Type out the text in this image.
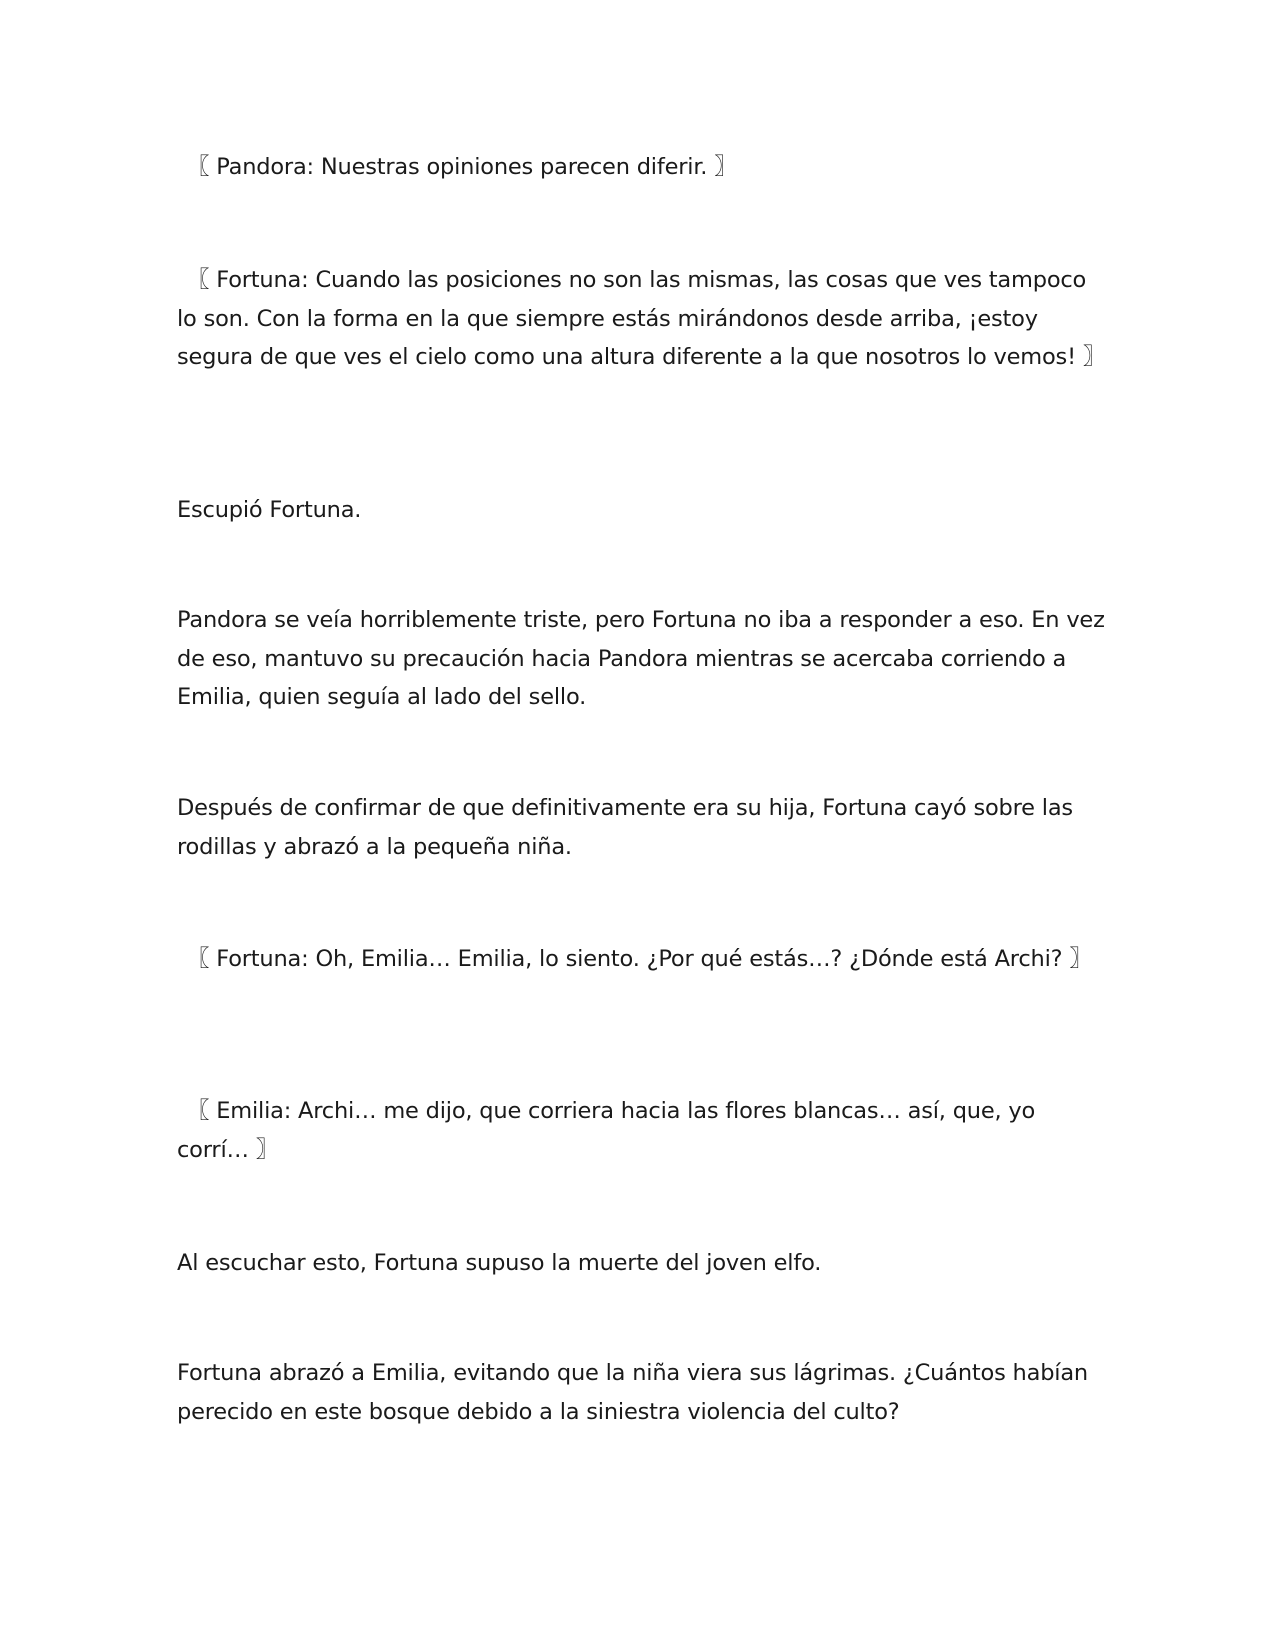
〖 Pandora: Nuestras opiniones parecen diferir. 〗

〖 Fortuna: Cuando las posiciones no son las mismas, las cosas que ves tampoco lo son. Con la forma en la que siempre estás mirándonos desde arriba, ¡estoy segura de que ves el cielo como una altura diferente a la que nosotros lo vemos! 〗

Escupió Fortuna.

Pandora se veía horriblemente triste, pero Fortuna no iba a responder a eso. En vez de eso, mantuvo su precaución hacia Pandora mientras se acercaba corriendo a Emilia, quien seguía al lado del sello.

Después de confirmar de que definitivamente era su hija, Fortuna cayó sobre las rodillas y abrazó a la pequeña niña.

〖 Fortuna: Oh, Emilia… Emilia, lo siento. ¿Por qué estás…? ¿Dónde está Archi? 〗

〖 Emilia: Archi… me dijo, que corriera hacia las flores blancas… así, que, yo corrí… 〗

Al escuchar esto, Fortuna supuso la muerte del joven elfo.

Fortuna abrazó a Emilia, evitando que la niña viera sus lágrimas. ¿Cuántos habían perecido en este bosque debido a la siniestra violencia del culto?
